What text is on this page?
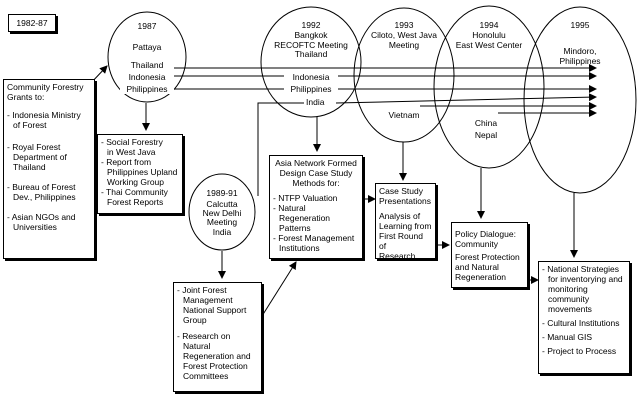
1982-87	1987
Pattaya
Thailand
Indonesia
Philippines
1992
Bangkok
RECOFTC Meeting
Thailand
Indonesia
Philippines
India
1993
Ciloto, West Java
Meeting
Vietnam
1994
Honolulu
East West Center
China
Nepal
1995
Mindoro,
Philippines
1989-91
Calcutta
New Delhi
Meeting
India

Community Forestry

Grants to:

- Indonesia Ministry

of Forest

- Royal Forest

Department of

Thailand

- Bureau of Forest

Dev., Philippines

- Asian NGOs and

Universities

- Social Forestry

in West Java

- Report from

Philippines Upland

Working Group

- Thai Community

Forest Reports

Asia Network Formed

Design Case Study

Methods for:

- NTFP Valuation

- Natural

Regeneration

Patterns

- Forest Management

Institutions

Case Study

Presentations

Analysis of

Learning from

First Round of

Research

Policy Dialogue:

Community

Forest Protection

and Natural

Regeneration

- National Strategies

for inventorying and

monitoring

community

movements

- Cultural Institutions

- Manual GIS

- Project to Process

- Joint Forest

Management

National Support

Group

- Research on

Natural

Regeneration and

Forest Protection

Committees
